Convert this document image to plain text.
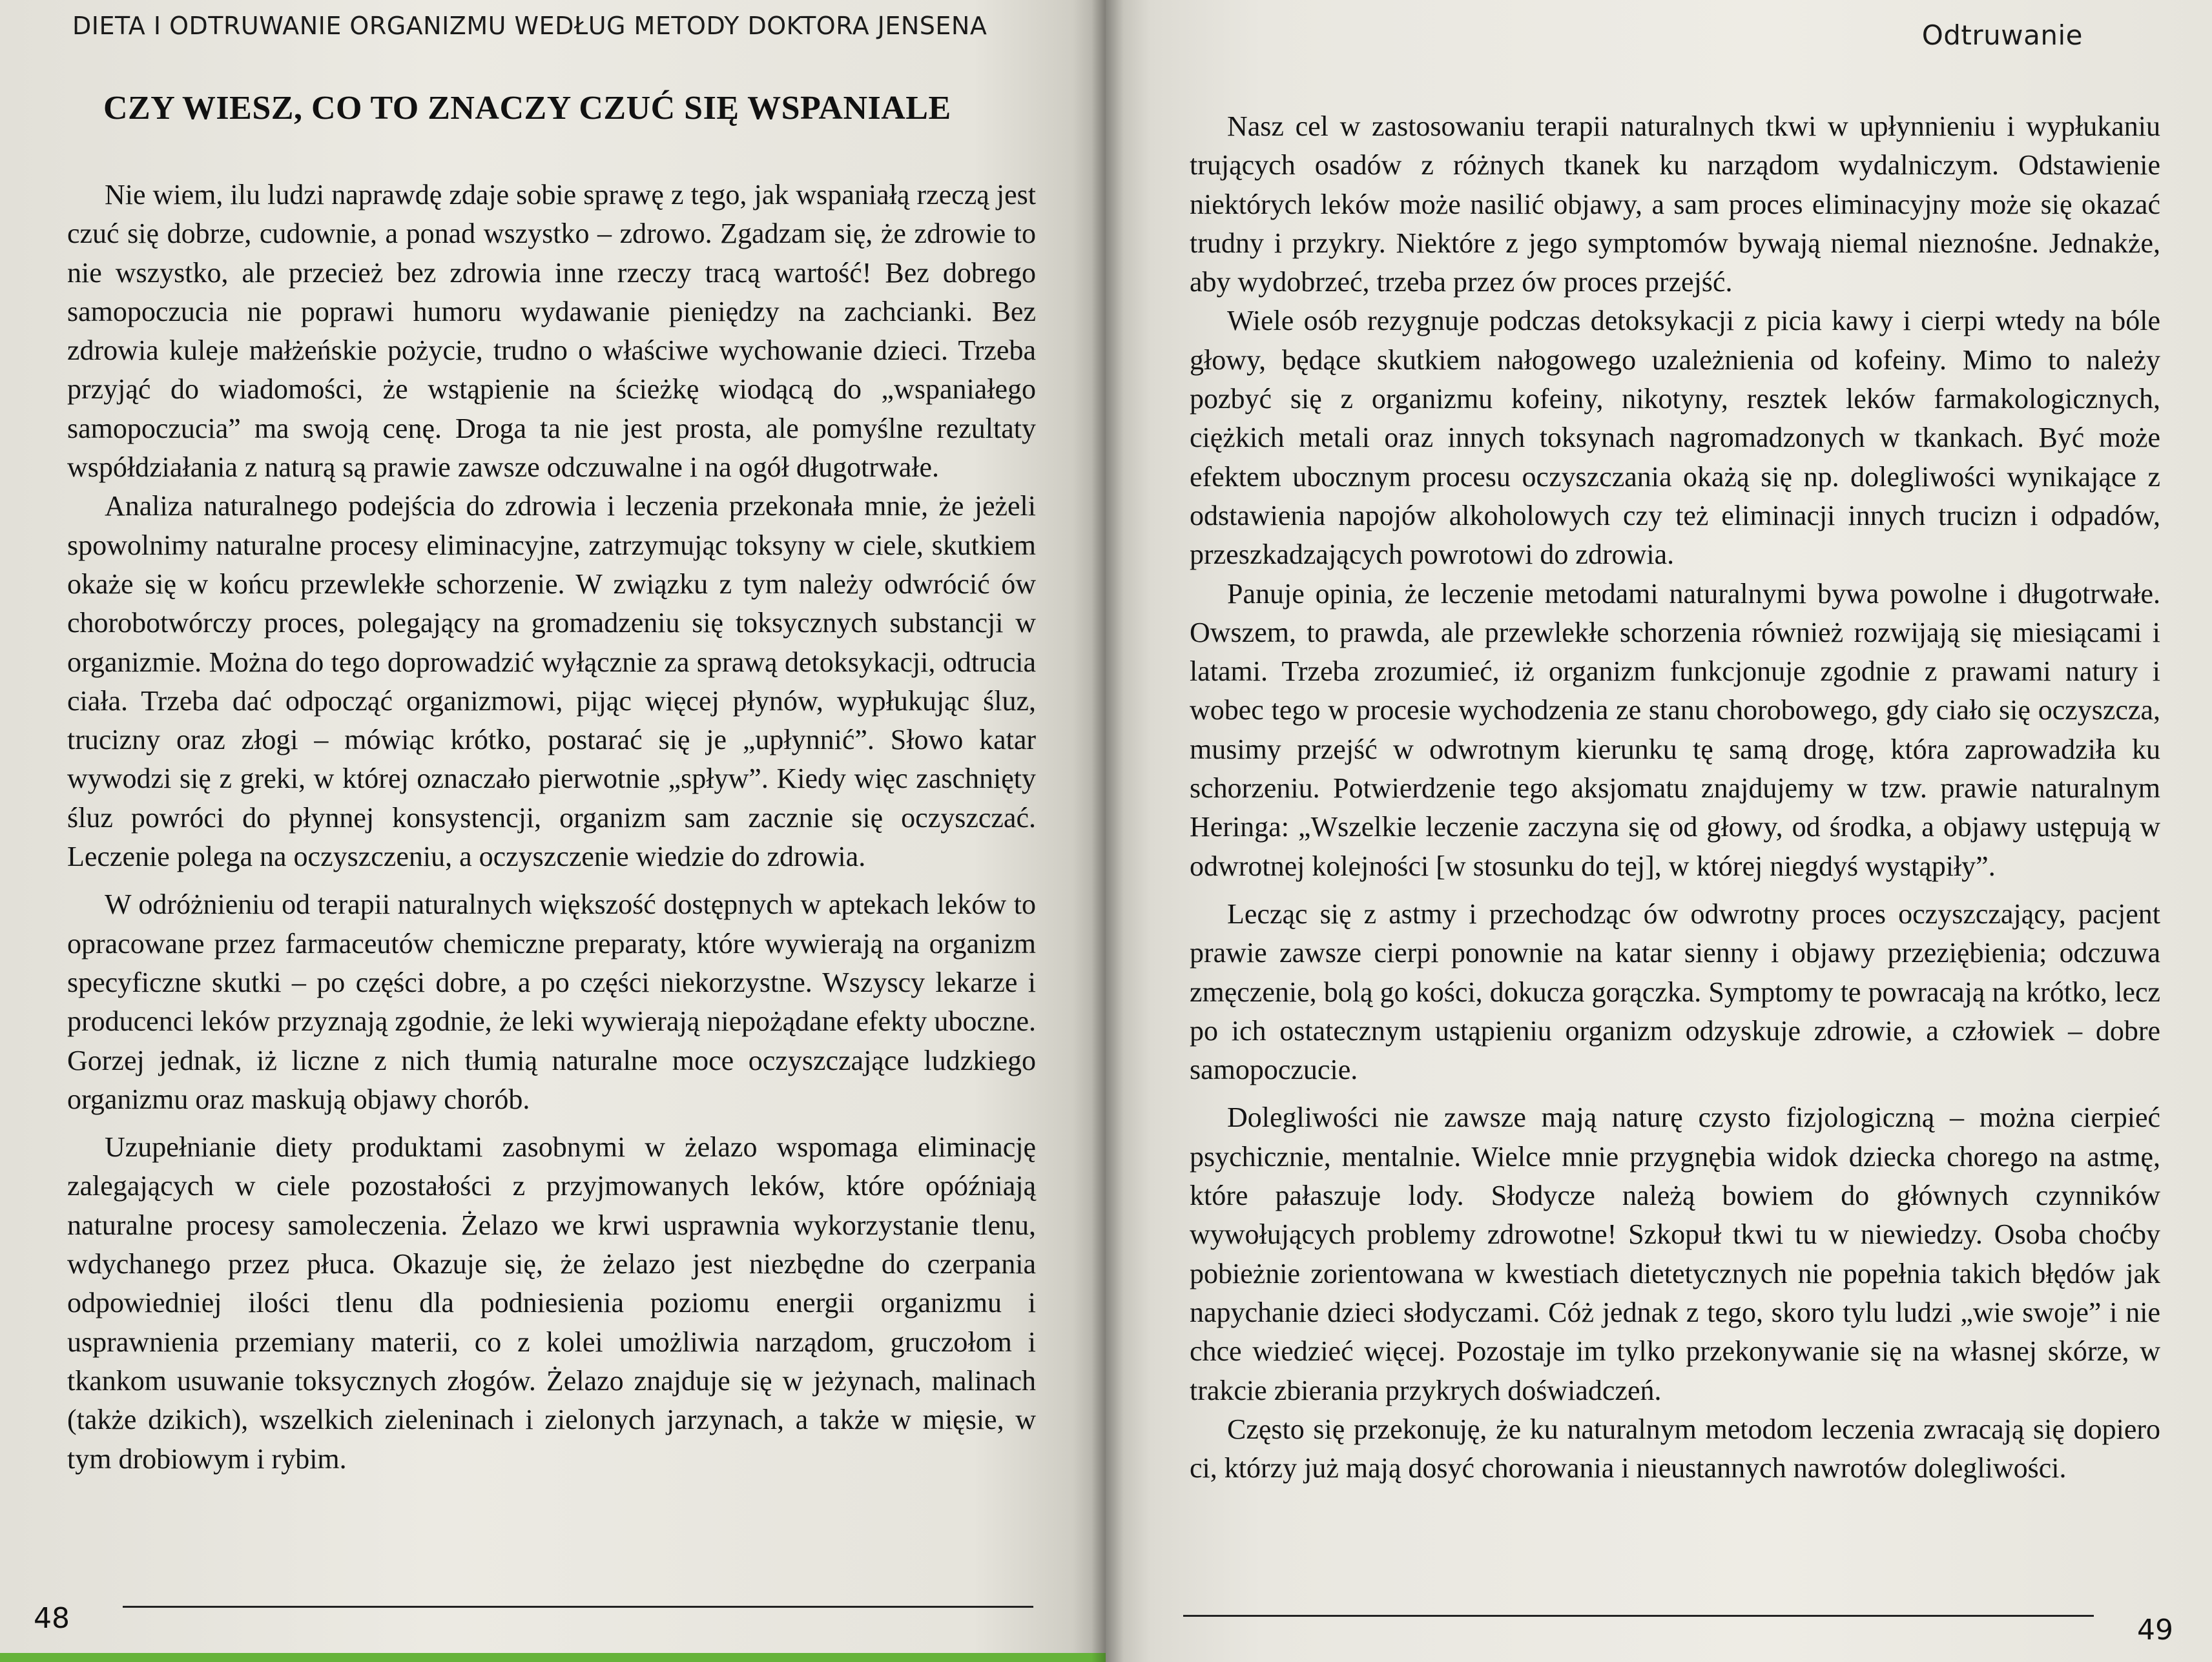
DIETA I ODTRUWANIE ORGANIZMU WEDŁUG METODY DOKTORA JENSENA
CZY WIESZ, CO TO ZNACZY CZUĆ SIĘ WSPANIALE

Nie wiem, ilu ludzi naprawdę zdaje sobie sprawę z tego, jak wspaniałą rzeczą jest czuć się dobrze, cudownie, a ponad wszystko – zdrowo. Zgadzam się, że zdrowie to nie wszystko, ale przecież bez zdrowia inne rzeczy tracą wartość! Bez dobrego samopoczucia nie poprawi humoru wydawanie pieniędzy na zachcianki. Bez zdrowia kuleje małżeńskie pożycie, trudno o właściwe wychowanie dzieci. Trzeba przyjąć do wiadomości, że wstąpienie na ścieżkę wiodącą do „wspaniałego samopoczucia” ma swoją cenę. Droga ta nie jest prosta, ale pomyślne rezultaty współdziałania z naturą są prawie zawsze odczuwalne i na ogół długotrwałe.

Analiza naturalnego podejścia do zdrowia i leczenia przekonała mnie, że jeżeli spowolnimy naturalne procesy eliminacyjne, zatrzymując toksyny w ciele, skutkiem okaże się w końcu przewlekłe schorzenie. W związku z tym należy odwrócić ów chorobotwórczy proces, polegający na gromadzeniu się toksycznych substancji w organizmie. Można do tego doprowadzić wyłącznie za sprawą detoksykacji, odtrucia ciała. Trzeba dać odpocząć organizmowi, pijąc więcej płynów, wypłukując śluz, trucizny oraz złogi – mówiąc krótko, postarać się je „upłynnić”. Słowo katar wywodzi się z greki, w której oznaczało pierwotnie „spływ”. Kiedy więc zaschnięty śluz powróci do płynnej konsystencji, organizm sam zacznie się oczyszczać. Leczenie polega na oczyszczeniu, a oczyszczenie wiedzie do zdrowia.

W odróżnieniu od terapii naturalnych większość dostępnych w aptekach leków to opracowane przez farmaceutów chemiczne preparaty, które wywierają na organizm specyficzne skutki – po części dobre, a po części niekorzystne. Wszyscy lekarze i producenci leków przyznają zgodnie, że leki wywierają niepożądane efekty uboczne. Gorzej jednak, iż liczne z nich tłumią naturalne moce oczyszczające ludzkiego organizmu oraz maskują objawy chorób.

Uzupełnianie diety produktami zasobnymi w żelazo wspomaga eliminację zalegających w ciele pozostałości z przyjmowanych leków, które opóźniają naturalne procesy samoleczenia. Żelazo we krwi usprawnia wykorzystanie tlenu, wdychanego przez płuca. Okazuje się, że żelazo jest niezbędne do czerpania odpowiedniej ilości tlenu dla podniesienia poziomu energii organizmu i usprawnienia przemiany materii, co z kolei umożliwia narządom, gruczołom i tkankom usuwanie toksycznych złogów. Żelazo znajduje się w jeżynach, malinach (także dzikich), wszelkich zieleninach i zielonych jarzynach, a także w mięsie, w tym drobiowym i rybim.

48
Odtruwanie

Nasz cel w zastosowaniu terapii naturalnych tkwi w upłynnieniu i wypłukaniu trujących osadów z różnych tkanek ku narządom wydalniczym. Odstawienie niektórych leków może nasilić objawy, a sam proces eliminacyjny może się okazać trudny i przykry. Niektóre z jego symptomów bywają niemal nieznośne. Jednakże, aby wydobrzeć, trzeba przez ów proces przejść.

Wiele osób rezygnuje podczas detoksykacji z picia kawy i cierpi wtedy na bóle głowy, będące skutkiem nałogowego uzależnienia od kofeiny. Mimo to należy pozbyć się z organizmu kofeiny, nikotyny, resztek leków farmakologicznych, ciężkich metali oraz innych toksynach nagromadzonych w tkankach. Być może efektem ubocznym procesu oczyszczania okażą się np. dolegliwości wynikające z odstawienia napojów alkoholowych czy też eliminacji innych trucizn i odpadów, przeszkadzających powrotowi do zdrowia.

Panuje opinia, że leczenie metodami naturalnymi bywa powolne i długotrwałe. Owszem, to prawda, ale przewlekłe schorzenia również rozwijają się miesiącami i latami. Trzeba zrozumieć, iż organizm funkcjonuje zgodnie z prawami natury i wobec tego w procesie wychodzenia ze stanu chorobowego, gdy ciało się oczyszcza, musimy przejść w odwrotnym kierunku tę samą drogę, która zaprowadziła ku schorzeniu. Potwierdzenie tego aksjomatu znajdujemy w tzw. prawie naturalnym Heringa: „Wszelkie leczenie zaczyna się od głowy, od środka, a objawy ustępują w odwrotnej kolejności [w stosunku do tej], w której niegdyś wystąpiły”.

Lecząc się z astmy i przechodząc ów odwrotny proces oczyszczający, pacjent prawie zawsze cierpi ponownie na katar sienny i objawy przeziębienia; odczuwa zmęczenie, bolą go kości, dokucza gorączka. Symptomy te powracają na krótko, lecz po ich ostatecznym ustąpieniu organizm odzyskuje zdrowie, a człowiek – dobre samopoczucie.

Dolegliwości nie zawsze mają naturę czysto fizjologiczną – można cierpieć psychicznie, mentalnie. Wielce mnie przygnębia widok dziecka chorego na astmę, które pałaszuje lody. Słodycze należą bowiem do głównych czynników wywołujących problemy zdrowotne! Szkopuł tkwi tu w niewiedzy. Osoba choćby pobieżnie zorientowana w kwestiach dietetycznych nie popełnia takich błędów jak napychanie dzieci słodyczami. Cóż jednak z tego, skoro tylu ludzi „wie swoje” i nie chce wiedzieć więcej. Pozostaje im tylko przekonywanie się na własnej skórze, w trakcie zbierania przykrych doświadczeń.

Często się przekonuję, że ku naturalnym metodom leczenia zwracają się dopiero ci, którzy już mają dosyć chorowania i nieustannych nawrotów dolegliwości.

49
